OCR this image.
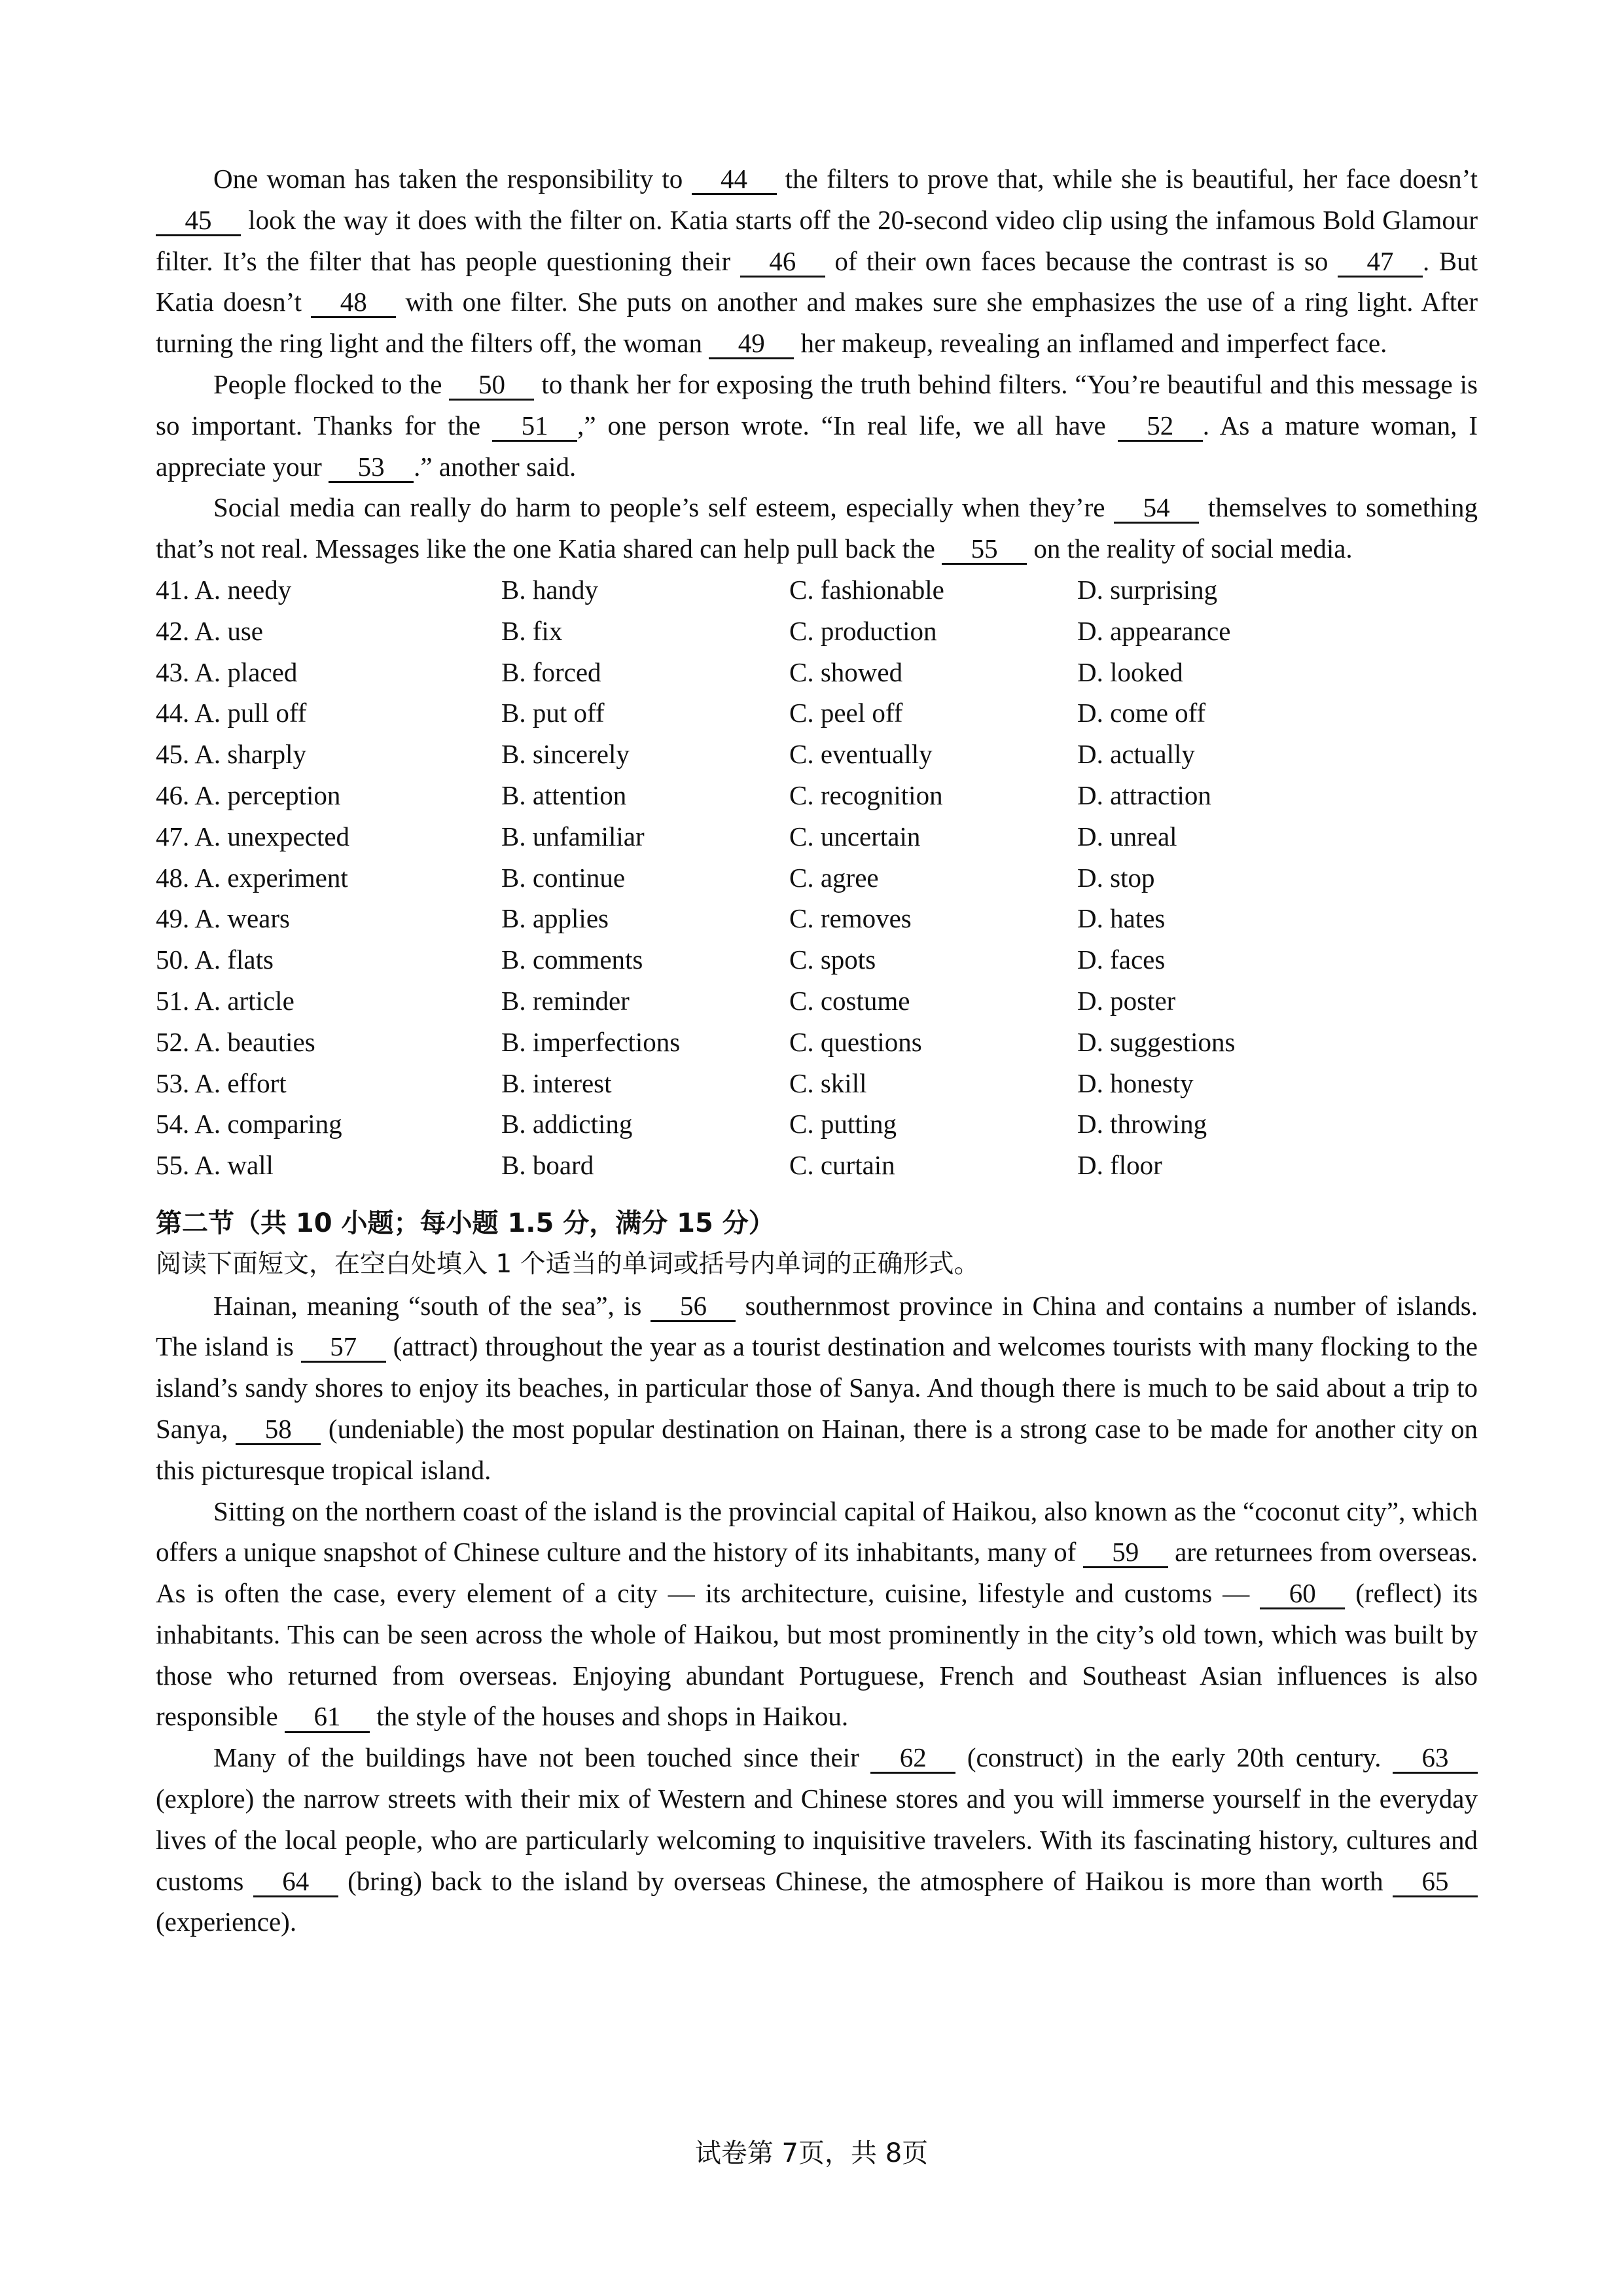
One woman has taken the responsibility to 44 the filters to prove that, while she is beautiful, her face doesn’t 45 look the way it does with the filter on. Katia starts off the 20-second video clip using the infamous Bold Glamour filter. It’s the filter that has people questioning their 46 of their own faces because the contrast is so 47 . But Katia doesn’t 48 with one filter. She puts on another and makes sure she emphasizes the use of a ring light. After turning the ring light and the filters off, the woman 49 her makeup, revealing an inflamed and imperfect face.

People flocked to the 50 to thank her for exposing the truth behind filters. “You’re beautiful and this message is so important. Thanks for the 51 ,” one person wrote. “In real life, we all have 52 . As a mature woman, I appreciate your 53 .” another said.

Social media can really do harm to people’s self esteem, especially when they’re 54 themselves to something that’s not real. Messages like the one Katia shared can help pull back the 55 on the reality of social media.

41. A. needy	B. handy	C. fashionable	D. surprising
42. A. use	B. fix	C. production	D. appearance
43. A. placed	B. forced	C. showed	D. looked
44. A. pull off	B. put off	C. peel off	D. come off
45. A. sharply	B. sincerely	C. eventually	D. actually
46. A. perception	B. attention	C. recognition	D. attraction
47. A. unexpected	B. unfamiliar	C. uncertain	D. unreal
48. A. experiment	B. continue	C. agree	D. stop
49. A. wears	B. applies	C. removes	D. hates
50. A. flats	B. comments	C. spots	D. faces
51. A. article	B. reminder	C. costume	D. poster
52. A. beauties	B. imperfections	C. questions	D. suggestions
53. A. effort	B. interest	C. skill	D. honesty
54. A. comparing	B. addicting	C. putting	D. throwing
55. A. wall	B. board	C. curtain	D. floor

第二节（共 10 小题；每小题 1.5 分，满分 15 分）

阅读下面短文，在空白处填入 1 个适当的单词或括号内单词的正确形式。

Hainan, meaning “south of the sea”, is 56 southernmost province in China and contains a number of islands. The island is 57 (attract) throughout the year as a tourist destination and welcomes tourists with many flocking to the island’s sandy shores to enjoy its beaches, in particular those of Sanya. And though there is much to be said about a trip to Sanya, 58 (undeniable) the most popular destination on Hainan, there is a strong case to be made for another city on this picturesque tropical island.

Sitting on the northern coast of the island is the provincial capital of Haikou, also known as the “coconut city”, which offers a unique snapshot of Chinese culture and the history of its inhabitants, many of 59 are returnees from overseas. As is often the case, every element of a city — its architecture, cuisine, lifestyle and customs — 60 (reflect) its inhabitants. This can be seen across the whole of Haikou, but most prominently in the city’s old town, which was built by those who returned from overseas. Enjoying abundant Portuguese, French and Southeast Asian influences is also responsible 61 the style of the houses and shops in Haikou.

Many of the buildings have not been touched since their 62 (construct) in the early 20th century. 63 (explore) the narrow streets with their mix of Western and Chinese stores and you will immerse yourself in the everyday lives of the local people, who are particularly welcoming to inquisitive travelers. With its fascinating history, cultures and customs 64 (bring) back to the island by overseas Chinese, the atmosphere of Haikou is more than worth 65 (experience).

试卷第 7页，共 8页
